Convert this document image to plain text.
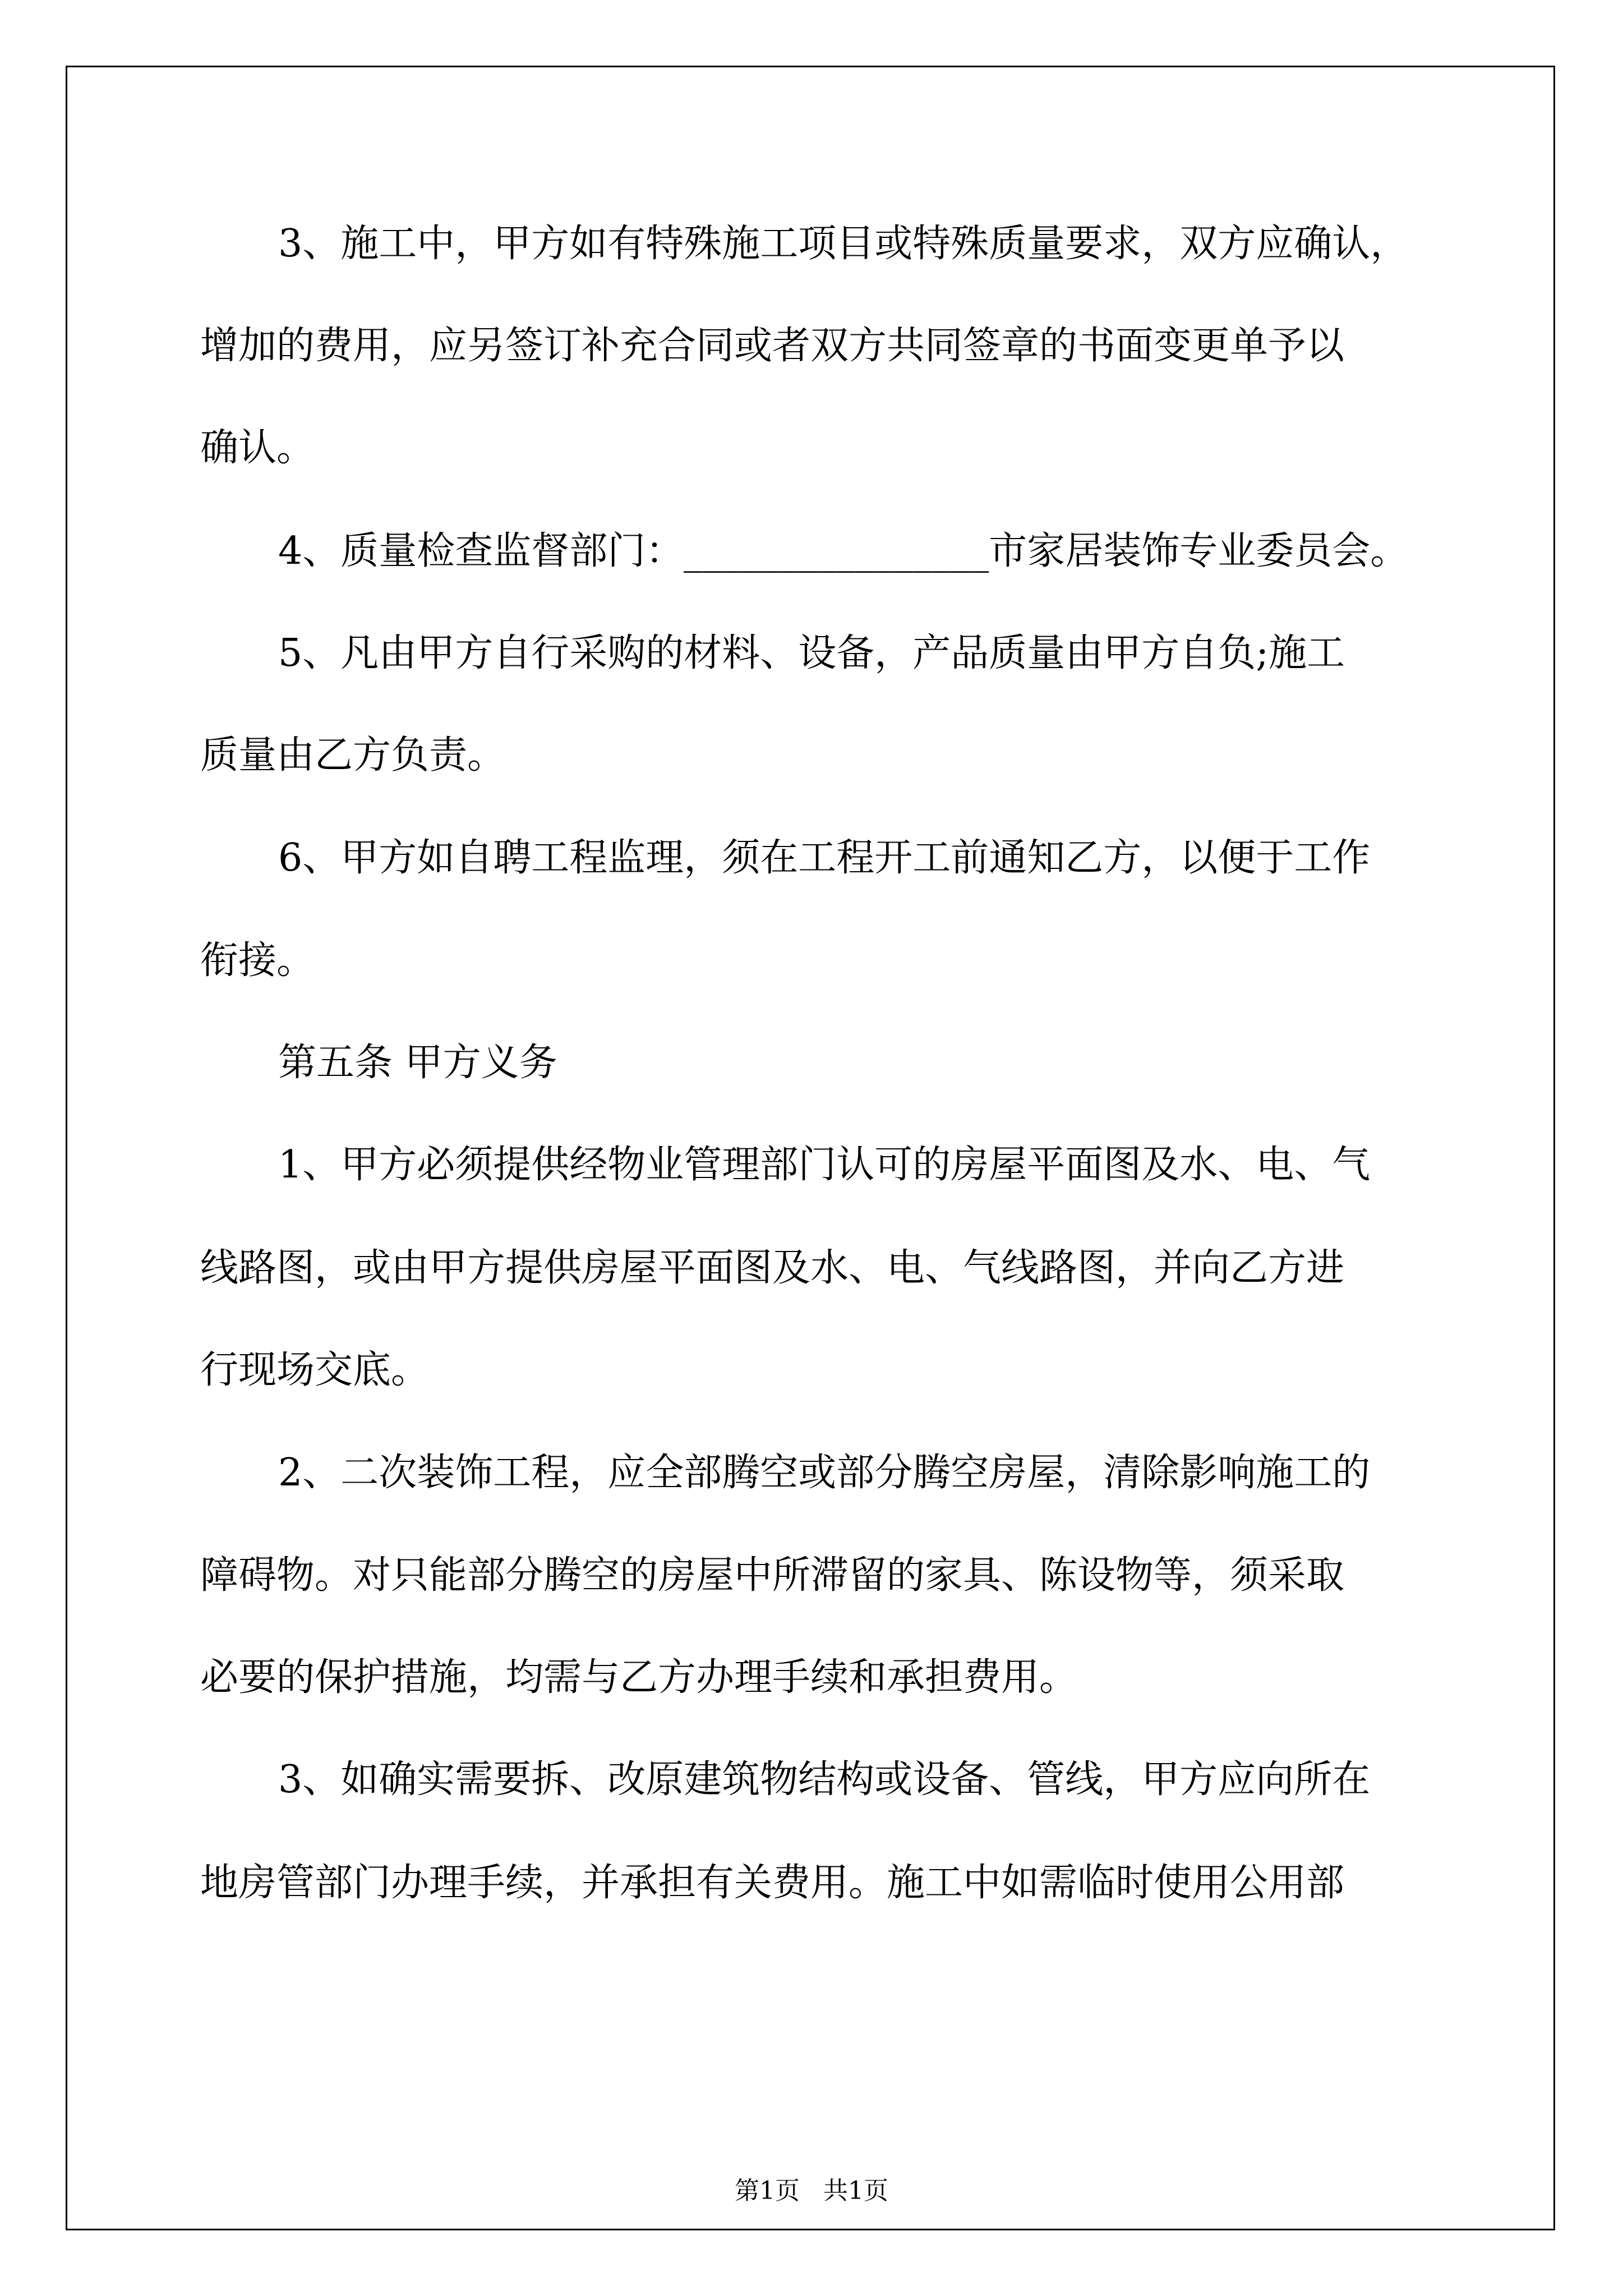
3、施工中，甲方如有特殊施工项目或特殊质量要求，双方应确认，
增加的费用，应另签订补充合同或者双方共同签章的书面变更单予以
确认。
4、质量检查监督部门：________________市家居装饰专业委员会。
5、凡由甲方自行采购的材料、设备，产品质量由甲方自负;施工
质量由乙方负责。
6、甲方如自聘工程监理，须在工程开工前通知乙方，以便于工作
衔接。
第五条 甲方义务
1、甲方必须提供经物业管理部门认可的房屋平面图及水、电、气
线路图，或由甲方提供房屋平面图及水、电、气线路图，并向乙方进
行现场交底。
2、二次装饰工程，应全部腾空或部分腾空房屋，清除影响施工的
障碍物。对只能部分腾空的房屋中所滞留的家具、陈设物等，须采取
必要的保护措施，均需与乙方办理手续和承担费用。
3、如确实需要拆、改原建筑物结构或设备、管线，甲方应向所在
地房管部门办理手续，并承担有关费用。施工中如需临时使用公用部
第1页   共1页
